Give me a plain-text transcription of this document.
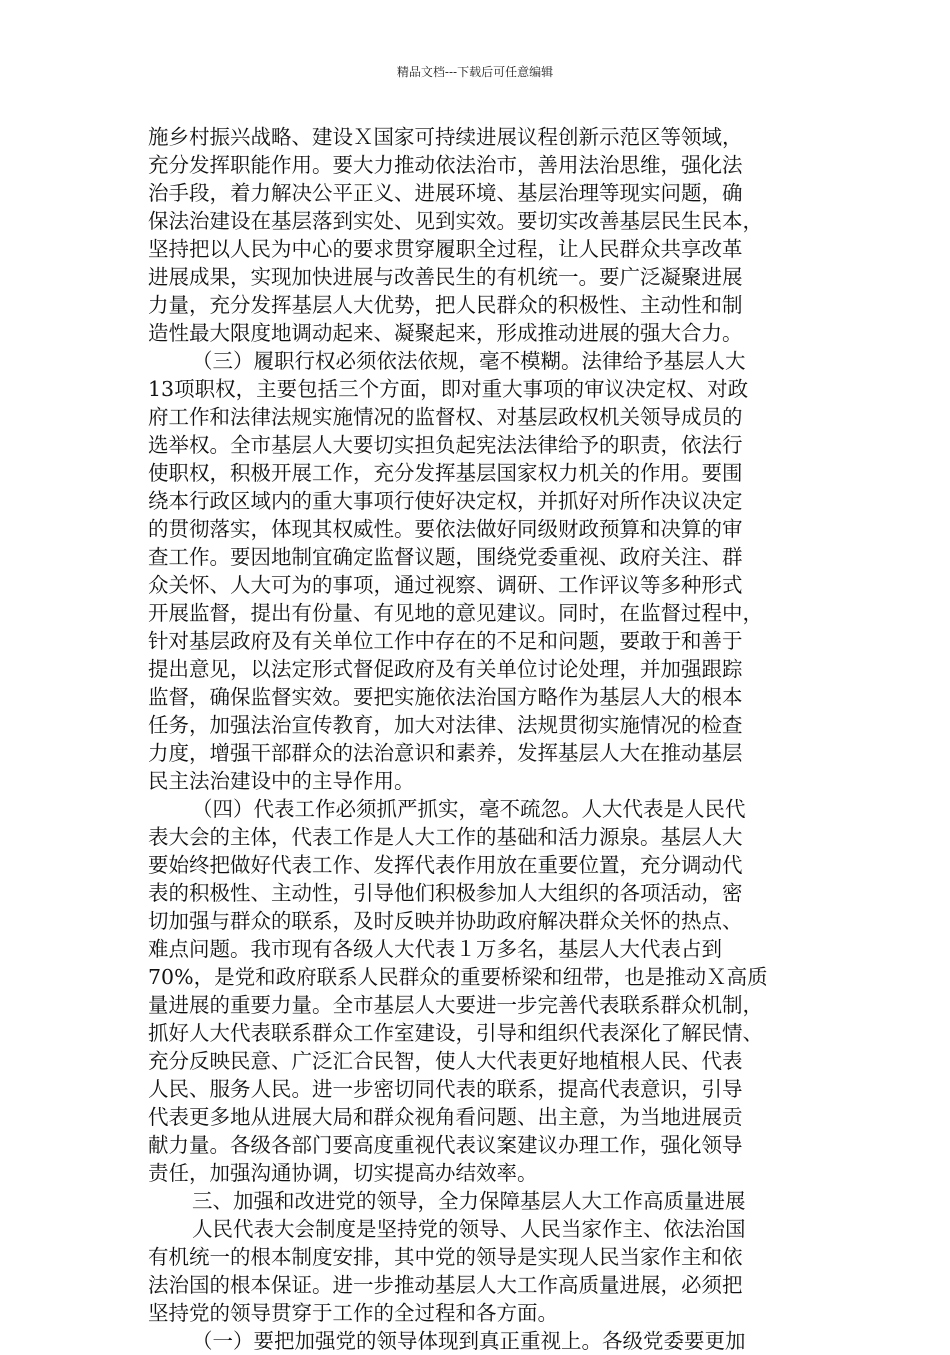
精品文档---下载后可任意编辑
施乡村振兴战略、建设Ｘ国家可持续进展议程创新示范区等领域，
充分发挥职能作用。要大力推动依法治市，善用法治思维，强化法
治手段，着力解决公平正义、进展环境、基层治理等现实问题，确
保法治建设在基层落到实处、见到实效。要切实改善基层民生民本，
坚持把以人民为中心的要求贯穿履职全过程，让人民群众共享改革
进展成果，实现加快进展与改善民生的有机统一。要广泛凝聚进展
力量，充分发挥基层人大优势，把人民群众的积极性、主动性和制
造性最大限度地调动起来、凝聚起来，形成推动进展的强大合力。
（三）履职行权必须依法依规，毫不模糊。法律给予基层人大
13项职权，主要包括三个方面，即对重大事项的审议决定权、对政
府工作和法律法规实施情况的监督权、对基层政权机关领导成员的
选举权。全市基层人大要切实担负起宪法法律给予的职责，依法行
使职权，积极开展工作，充分发挥基层国家权力机关的作用。要围
绕本行政区域内的重大事项行使好决定权，并抓好对所作决议决定
的贯彻落实，体现其权威性。要依法做好同级财政预算和决算的审
查工作。要因地制宜确定监督议题，围绕党委重视、政府关注、群
众关怀、人大可为的事项，通过视察、调研、工作评议等多种形式
开展监督，提出有份量、有见地的意见建议。同时，在监督过程中，
针对基层政府及有关单位工作中存在的不足和问题，要敢于和善于
提出意见，以法定形式督促政府及有关单位讨论处理，并加强跟踪
监督，确保监督实效。要把实施依法治国方略作为基层人大的根本
任务，加强法治宣传教育，加大对法律、法规贯彻实施情况的检查
力度，增强干部群众的法治意识和素养，发挥基层人大在推动基层
民主法治建设中的主导作用。
（四）代表工作必须抓严抓实，毫不疏忽。人大代表是人民代
表大会的主体，代表工作是人大工作的基础和活力源泉。基层人大
要始终把做好代表工作、发挥代表作用放在重要位置，充分调动代
表的积极性、主动性，引导他们积极参加人大组织的各项活动，密
切加强与群众的联系，及时反映并协助政府解决群众关怀的热点、
难点问题。我市现有各级人大代表１万多名，基层人大代表占到
70%，是党和政府联系人民群众的重要桥梁和纽带，也是推动Ｘ高质
量进展的重要力量。全市基层人大要进一步完善代表联系群众机制，
抓好人大代表联系群众工作室建设，引导和组织代表深化了解民情、
充分反映民意、广泛汇合民智，使人大代表更好地植根人民、代表
人民、服务人民。进一步密切同代表的联系，提高代表意识，引导
代表更多地从进展大局和群众视角看问题、出主意，为当地进展贡
献力量。各级各部门要高度重视代表议案建议办理工作，强化领导
责任，加强沟通协调，切实提高办结效率。
三、加强和改进党的领导，全力保障基层人大工作高质量进展
人民代表大会制度是坚持党的领导、人民当家作主、依法治国
有机统一的根本制度安排，其中党的领导是实现人民当家作主和依
法治国的根本保证。进一步推动基层人大工作高质量进展，必须把
坚持党的领导贯穿于工作的全过程和各方面。
（一）要把加强党的领导体现到真正重视上。各级党委要更加
